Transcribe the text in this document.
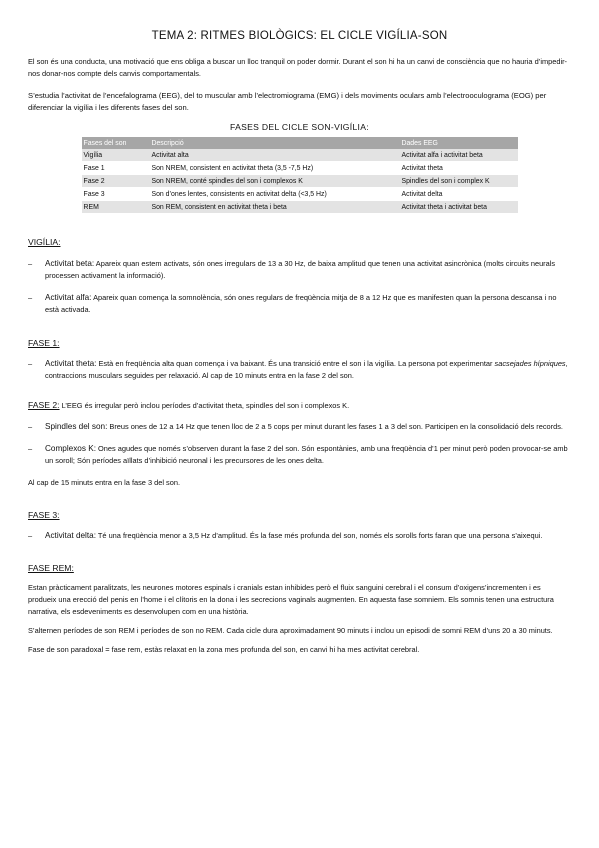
TEMA 2: RITMES BIOLÒGICS: EL CICLE VIGÍLIA-SON

El son és una conducta, una motivació que ens obliga a buscar un lloc tranquil on poder dormir. Durant el son hi ha un canvi de consciència que no hauria d’impedir-nos donar-nos compte dels canvis comportamentals.

S’estudia l’activitat de l’encefalograma (EEG), del to muscular amb l’electromiograma (EMG) i dels moviments oculars amb l’electrooculograma (EOG) per diferenciar la vigília i les diferents fases del son.

FASES DEL CICLE SON-VIGÍLIA:
Fases del son	Descripció	Dades EEG
Vigília	Activitat alta	Activitat alfa i activitat beta
Fase 1	Son NREM, consistent en activitat theta (3,5 -7,5 Hz)	Activitat theta
Fase 2	Son NREM, conté spindles del son i complexos K	Spindles del son i complex K
Fase 3	Son d’ones lentes, consistents en activitat delta (<3,5 Hz)	Activitat delta
REM	Son REM, consistent en activitat theta i beta	Activitat theta i activitat beta
VIGÍLIA:
– Activitat beta: Apareix quan estem activats, són ones irregulars de 13 a 30 Hz, de baixa amplitud que tenen una activitat asincrònica (molts circuits neurals processen activament la informació).
– Activitat alfa: Apareix quan comença la somnolència, són ones regulars de freqüència mitja de 8 a 12 Hz que es manifesten quan la persona descansa i no està activada.
FASE 1:
– Activitat theta: Està en freqüència alta quan comença i va baixant. És una transició entre el son i la vigília. La persona pot experimentar sacsejades hípniques, contraccions musculars seguides per relaxació. Al cap de 10 minuts entra en la fase 2 del son.
FASE 2: L’EEG és irregular però inclou períodes d’activitat theta, spindles del son i complexos K.
– Spindles del son: Breus ones de 12 a 14 Hz que tenen lloc de 2 a 5 cops per minut durant les fases 1 a 3 del son. Participen en la consolidació dels records.
– Complexos K: Ones agudes que només s’observen durant la fase 2 del son. Són espontànies, amb una freqüència d’1 per minut però poden provocar-se amb un soroll; Són períodes aïllats d’inhibició neuronal i les precursores de les ones delta.

Al cap de 15 minuts entra en la fase 3 del son.

FASE 3:
– Activitat delta: Té una freqüència menor a 3,5 Hz d’amplitud. És la fase més profunda del son, només els sorolls forts faran que una persona s’aixequi.
FASE REM:

Estan pràcticament paralitzats, les neurones motores espinals i cranials estan inhibides però el fluix sanguini cerebral i el consum d’oxigens’incrementen i es produeix una erecció del penis en l’home i el clítoris en la dona i les secrecions vaginals augmenten. En aquesta fase somniem. Els somnis tenen una estructura narrativa, els esdeveniments es desenvolupen com en una història.

S’alternen períodes de son REM i períodes de son no REM. Cada cicle dura aproximadament 90 minuts i inclou un episodi de somni REM d’uns 20 a 30 minuts.

Fase de son paradoxal = fase rem, estàs relaxat en la zona mes profunda del son, en canvi hi ha mes activitat cerebral.
